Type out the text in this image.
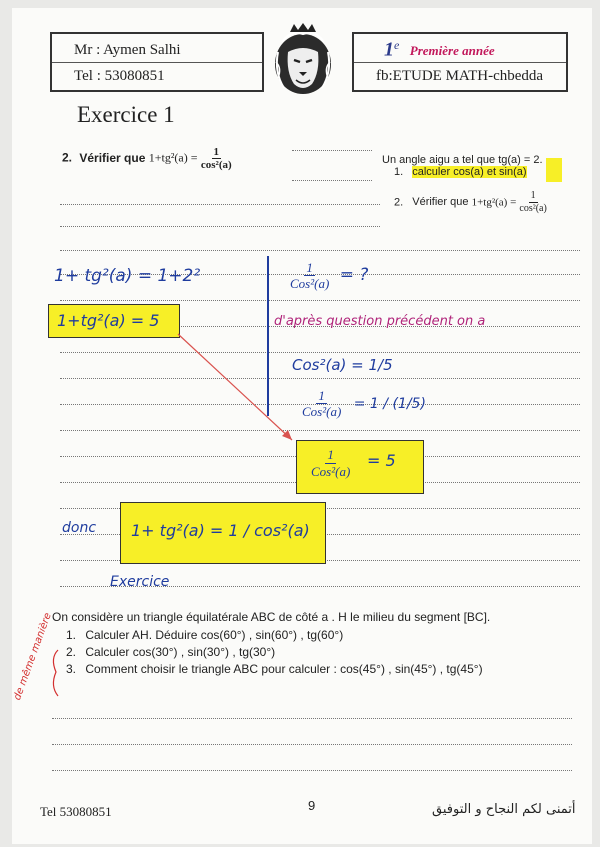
Mr : Aymen Salhi
Tel : 53080851
1e Première année
fb:ETUDE MATH-chbedda
Exercice 1
2. Vérifier que $1+tg^2(a) = \frac{1}{\text{cos²(a)}}$	Un angle aigu a tel que tg(a) = 2.
1. calculer cos(a) et sin(a)
2. Vérifier que $1+tg^2(a) = \frac{1}{\text{cos²(a)}}$
1+ tg²(a) = 1+2²
1+tg²(a) = 5
$\frac{1}{\text{Cos²(a)}}$ = ?
d'après question précédent on a
Cos²(a) = 1/5
$\frac{1}{\text{Cos²(a)}} = 1 / (1/5)$
1
Cos²(a)
= 5
donc 1+ tg²(a) = 1 / cos²(a)
Exercice
On considère un triangle équilatérale ABC de côté a . H le milieu du segment [BC].
1. Calculer AH. Déduire cos(60°) , sin(60°) , tg(60°)
2. Calculer cos(30°) , sin(30°) , tg(30°)
3. Comment choisir le triangle ABC pour calculer : cos(45°) , sin(45°) , tg(45°)
de même manière
Tel 53080851	9	أتمنى لكم النجاح و التوفيق
